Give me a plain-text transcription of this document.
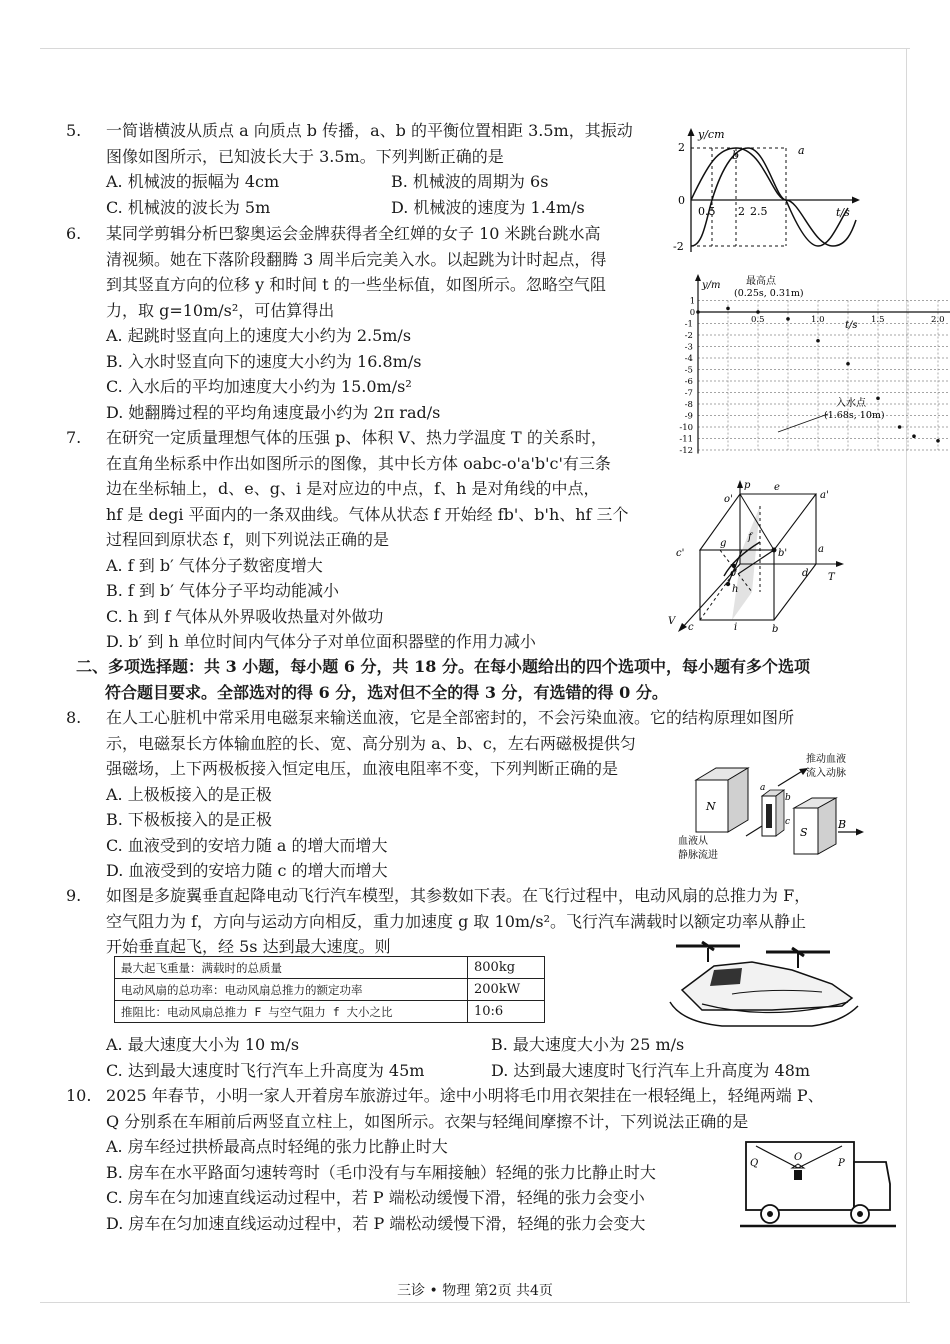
5.	一简谐横波从质点 a 向质点 b 传播，a、b 的平衡位置相距 3.5m，其振动
图像如图所示，已知波长大于 3.5m。下列判断正确的是
A. 机械波的振幅为 4cm	B. 机械波的周期为 6s
C. 机械波的波长为 5m	D. 机械波的速度为 1.4m/s
y/cm
t/s
2
0
-2
0.5 2 2.5
b	a
6.	某同学剪辑分析巴黎奥运会金牌获得者全红婵的女子 10 米跳台跳水高
清视频。她在下落阶段翻腾 3 周半后完美入水。以起跳为计时起点，得
到其竖直方向的位移 y 和时间 t 的一些坐标值，如图所示。忽略空气阻
力，取 g=10m/s²，可估算得出
A. 起跳时竖直向上的速度大小约为 2.5m/s
B. 入水时竖直向下的速度大小约为 16.8m/s
C. 入水后的平均加速度大小约为 15.0m/s²
D. 她翻腾过程的平均角速度最小约为 2π rad/s
0.5	1.0	1.5	2.0
1
0
-1
-2
-3
-4
-5
-6
-7
-8
-9
-10
-11
-12
y/m
t/s
最高点
(0.25s, 0.31m)
入水点
(1.68s, 10m)
7.	在研究一定质量理想气体的压强 p、体积 V、热力学温度 T 的关系时，
在直角坐标系中作出如图所示的图像，其中长方体 oabc-o'a'b'c'有三条
边在坐标轴上，d、e、g、i 是对应边的中点，f、h 是对角线的中点，
hf 是 degi 平面内的一条双曲线。气体从状态 f 开始经 fb'、b'h、hf 三个
过程回到原状态 f，则下列说法正确的是
A. f 到 b′ 气体分子数密度增大
B. f 到 b′ 气体分子平均动能减小
C. h 到 f 气体从外界吸收热量对外做功
D. b′ 到 h 单位时间内气体分子对单位面积器壁的作用力减小
p e
a'
o'
g
c'	b'
f
h
o	d T
a
V
c	i	b
二、多项选择题：共 3 小题，每小题 6 分，共 18 分。在每小题给出的四个选项中，每小题有多个选项
符合题目要求。全部选对的得 6 分，选对但不全的得 3 分，有选错的得 0 分。
8.	在人工心脏机中常采用电磁泵来输送血液，它是全部密封的，不会污染血液。它的结构原理如图所
示，电磁泵长方体输血腔的长、宽、高分别为 a、b、c，左右两磁极提供匀
强磁场，上下两极板接入恒定电压，血液电阻率不变，下列判断正确的是
A. 上极板接入的是正极
B. 下极板接入的是正极
C. 血液受到的安培力随 a 的增大而增大
D. 血液受到的安培力随 c 的增大而增大
N
a
b
c
S
B
推动血液
流入动脉
血液从
静脉流进
9.	如图是多旋翼垂直起降电动飞行汽车模型，其参数如下表。在飞行过程中，电动风扇的总推力为 F，
空气阻力为 f，方向与运动方向相反，重力加速度 g 取 10m/s²。飞行汽车满载时以额定功率从静止
开始垂直起飞，经 5s 达到最大速度。则
最大起飞重量：满载时的总质量	800kg
电动风扇的总功率：电动风扇总推力的额定功率	200kW
推阻比：电动风扇总推力 F 与空气阻力 f 大小之比	10:6
A. 最大速度大小为 10 m/s	B. 最大速度大小为 25 m/s
C. 达到最大速度时飞行汽车上升高度为 45m	D. 达到最大速度时飞行汽车上升高度为 48m
10. 2025 年春节，小明一家人开着房车旅游过年。途中小明将毛巾用衣架挂在一根轻绳上，轻绳两端 P、
Q 分别系在车厢前后两竖直立柱上，如图所示。衣架与轻绳间摩擦不计，下列说法正确的是
A. 房车经过拱桥最高点时轻绳的张力比静止时大
B. 房车在水平路面匀速转弯时（毛巾没有与车厢接触）轻绳的张力比静止时大
C. 房车在匀加速直线运动过程中，若 P 端松动缓慢下滑，轻绳的张力会变小
D. 房车在匀加速直线运动过程中，若 P 端松动缓慢下滑，轻绳的张力会变大
Q
O
P
三诊 • 物理 第2页 共4页
